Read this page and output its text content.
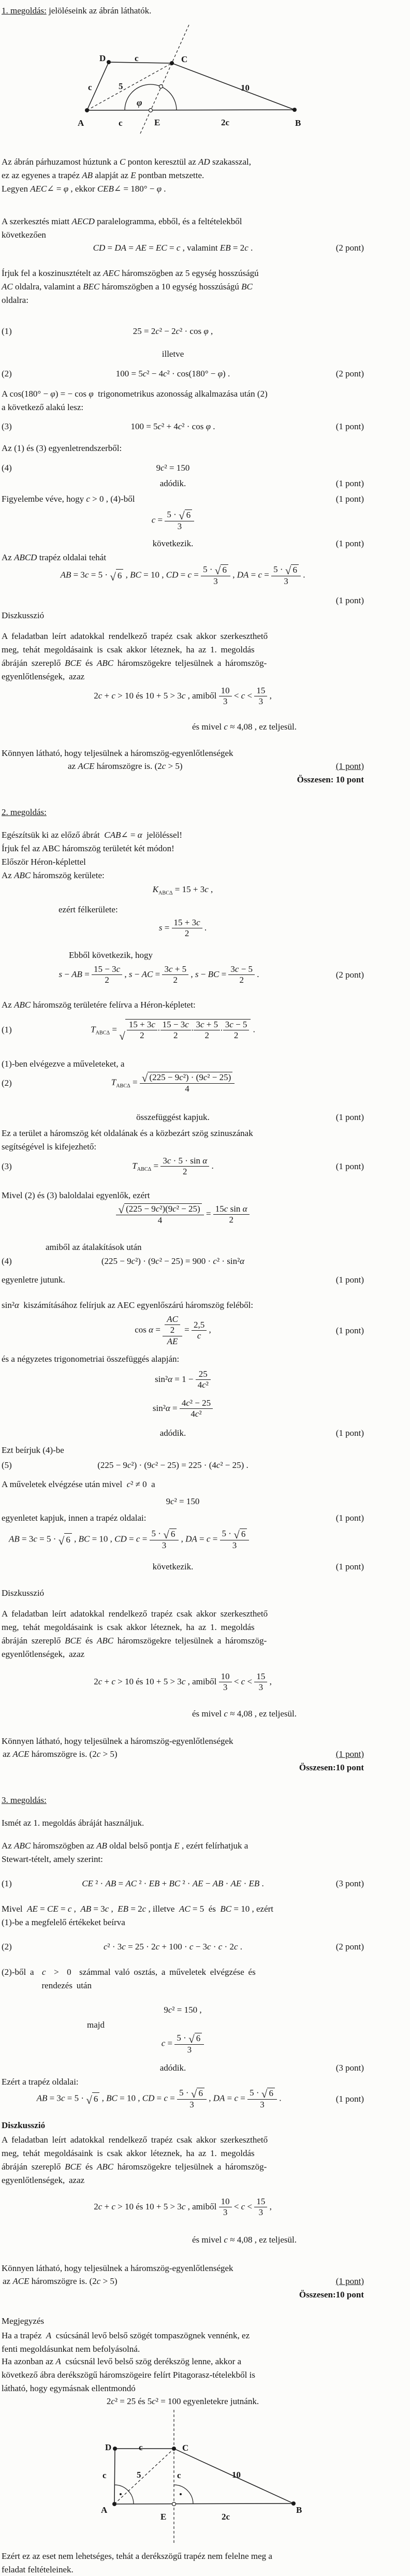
1. megoldás: jelöléseink az ábrán láthatók.
D	c	C
c	5	10
φ
A	c	E	2c	B
Az ábrán párhuzamost húztunk a C ponton keresztül az AD szakasszal,
ez az egyenes a trapéz AB alapját az E pontban metszette.
Legyen AEC∠ = φ , ekkor CEB∠ = 180° − φ .
A szerkesztés miatt AECD paralelogramma, ebből, és a feltételekből
következően
CD = DA = AE = EC = c , valamint EB = 2c .	(2 pont)
Írjuk fel a koszinusztételt az AEC háromszögben az 5 egység hosszúságú
AC oldalra, valamint a BEC háromszögben a 10 egység hosszúságú BC
oldalra:
(1)	25 = 2c² − 2c² · cos φ ,
illetve
(2)	100 = 5c² − 4c² · cos(180° − φ) .	(2 pont)
A cos(180° − φ) = − cos φ  trigonometrikus azonosság alkalmazása után (2)
a következő alakú lesz:
(3)	100 = 5c² + 4c² · cos φ .	(1 pont)
Az (1) és (3) egyenletrendszerből:
(4)	9c² = 150
adódik.	(1 pont)
Figyelembe véve, hogy c > 0 , (4)-ből	(1 pont)
$c = \frac{5 \cdot √ 6}{3}$
következik.	(1 pont)
Az ABCD trapéz oldalai tehát
AB = 3c = 5 · √ 6 , BC = 10 , CD = $c = \frac{5 \cdot √ 6}{3}$ , DA = $c = \frac{5 \cdot √ 6}{3}$ .
(1 pont)
Diszkusszió
A feladatban leírt adatokkal rendelkező trapéz csak akkor szerkeszthető
meg, tehát megoldásaink is csak akkor léteznek, ha az 1. megoldás
ábráján szereplő BCE és ABC háromszögekre teljesülnek a háromszög-
egyenlőtlenségek, azaz
2c + c > 10 és 10 + 5 > 3c , amiből $\frac{10}{3} < c < \frac{15}{3}$ ,
és mivel c ≈ 4,08 , ez teljesül.
Könnyen látható, hogy teljesülnek a háromszög-egyenlőtlenségek
az ACE háromszögre is. (2c > 5)	(1 pont)
Összesen: 10 pont
2. megoldás:
Egészítsük ki az előző ábrát  CAB∠ = α  jelöléssel!
Írjuk fel az ABC háromszög területét két módon!
Először Héron-képlettel
Az ABC háromszög kerülete:
$K_{ABC\Delta} = 15 + 3c$ ,
ezért félkerülete:
$s = \frac{15 + 3c}{2}$ .
Ebből következik, hogy
s − AB = $\frac{15 - 3c}{2}$ , s − AC = $\frac{3c + 5}{2}$ , s − BC = $\frac{3c - 5}{2}$ .	(2 pont)
Az ABC háromszög területére felírva a Héron-képletet:
(1)	$T_{ABC\Delta}$ =
√
15 + 3c
2
·
15 − 3c
2
·
3c + 5
2
·
3c − 5
2
.
(1)-ben elvégezve a műveleteket, a
(2)	$T_{ABC\Delta} = \frac{\text{√ (225 − 9 c ²) · (9 c ² − 25)}}{4}$
összefüggést kapjuk.	(1 pont)
Ez a terület a háromszög két oldalának és a közbezárt szög szinuszának
segítségével is kifejezhető:
(3)	$T_{ABC\Delta} = \frac{\text{3c · 5 · sin α}}{2}$ .	(1 pont)
Mivel (2) és (3) baloldalai egyenlők, ezért
$\frac{\text{√ (225 − 9 c ²)(9 c ² − 25)}}{4} = \frac{\text{15c sin α}}{2}$
amiből az átalakítások után
(4)	(225 − 9c²) · (9c² − 25) = 900 · c² · sin²α
egyenletre jutunk.	(1 pont)
sin²α  kiszámításához felírjuk az AEC egyenlőszárú háromszög feléből:
$\cos \alpha = \frac{\frac{AC}{2}}{AE} = \frac{2,5}{c}$ ,	(1 pont)
és a négyzetes trigonometriai összefüggés alapján:
$\sin^2\alpha = 1 - \frac{25}{\text{4c²}}$
$\sin^2\alpha = \frac{\text{4c² − 25}}{\text{4c²}}$
adódik.	(1 pont)
Ezt beírjuk (4)-be
(5)	(225 − 9c²) · (9c² − 25) = 225 · (4c² − 25) .
A műveletek elvégzése után mivel  c² ≠ 0  a
9c² = 150
egyenletet kapjuk, innen a trapéz oldalai:	(1 pont)
AB = 3c = 5 · √ 6 , BC = 10 , CD = $c = \frac{5 \cdot √ 6}{3}$ , DA = $c = \frac{5 \cdot √ 6}{3}$
következik.	(1 pont)
Diszkusszió
A feladatban leírt adatokkal rendelkező trapéz csak akkor szerkeszthető
meg, tehát megoldásaink is csak akkor léteznek, ha az 1. megoldás
ábráján szereplő BCE és ABC háromszögekre teljesülnek a háromszög-
egyenlőtlenségek, azaz
2c + c > 10 és 10 + 5 > 3c , amiből $\frac{10}{3} < c < \frac{15}{3}$ ,
és mivel c ≈ 4,08 , ez teljesül.
Könnyen látható, hogy teljesülnek a háromszög-egyenlőtlenségek
az ACE háromszögre is. (2c > 5)	(1 pont)
Összesen:10 pont
3. megoldás:
Ismét az 1. megoldás ábráját használjuk.
Az ABC háromszögben az AB oldal belső pontja E , ezért felírhatjuk a
Stewart-tételt, amely szerint:
(1)	CE ² · AB = AC ² · EB + BC ² · AE − AB · AE · EB .	(3 pont)
Mivel  AE = CE = c ,  AB = 3c ,  EB = 2c , illetve  AC = 5  és  BC = 10 , ezért
(1)-be a megfelelő értékeket beírva
(2)	c² · 3c = 25 · 2c + 100 · c − 3c · c · 2c .	(2 pont)
(2)-ből a  c  >  0  számmal való osztás, a műveletek elvégzése és
rendezés után
9c² = 150 ,
majd
$c = \frac{5 \cdot √ 6}{3}$
adódik.	(3 pont)
Ezért a trapéz oldalai:
AB = 3c = 5 · √ 6 , BC = 10 , CD = $c = \frac{5 \cdot √ 6}{3}$ , DA = $c = \frac{5 \cdot √ 6}{3}$ .	(1 pont)
Diszkusszió
A feladatban leírt adatokkal rendelkező trapéz csak akkor szerkeszthető
meg, tehát megoldásaink is csak akkor léteznek, ha az 1. megoldás
ábráján szereplő BCE és ABC háromszögekre teljesülnek a háromszög-
egyenlőtlenségek, azaz
2c + c > 10 és 10 + 5 > 3c , amiből $\frac{10}{3} < c < \frac{15}{3}$ ,
és mivel c ≈ 4,08 , ez teljesül.
Könnyen látható, hogy teljesülnek a háromszög-egyenlőtlenségek
az ACE háromszögre is. (2c > 5)	(1 pont)
Összesen:10 pont
Megjegyzés
Ha a trapéz  A  csúcsánál levő belső szögét tompaszögnek vennénk, ez
fenti megoldásunkat nem befolyásolná.
Ha azonban az A  csúcsnál levő belső szög derékszög lenne, akkor a
következő ábra derékszögű háromszögeire felírt Pitagorasz-tételekből is
látható, hogy egymásnak ellentmondó
2c² = 25 és 5c² = 100 egyenletekre jutnánk.
D	c	C
c	5	c	10
A
E	2c
B
Ezért ez az eset nem lehetséges, tehát a derékszögű trapéz nem felelne meg a
feladat feltételeinek.
